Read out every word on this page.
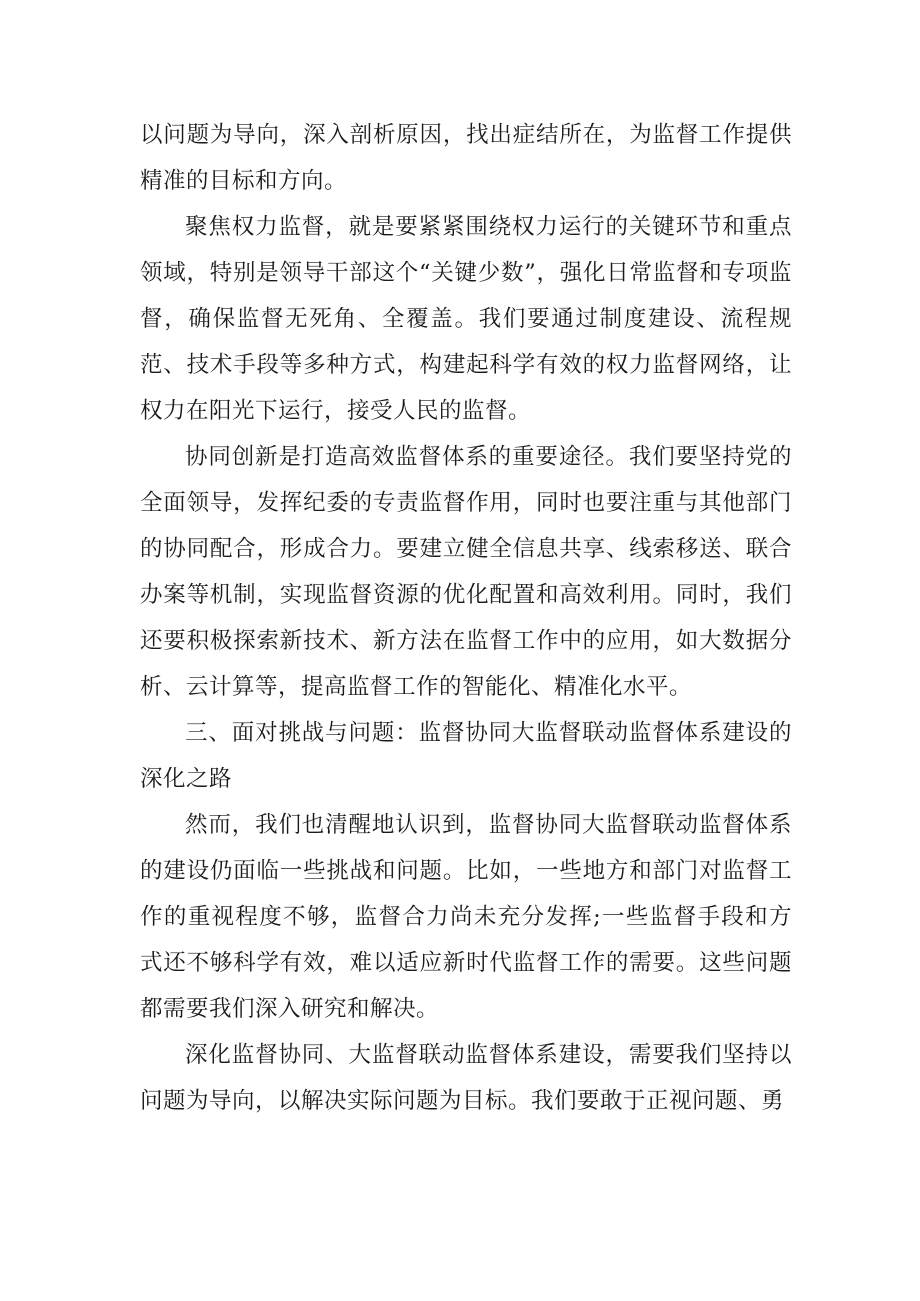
以问题为导向，深入剖析原因，找出症结所在，为监督工作提供精准的目标和方向。

聚焦权力监督，就是要紧紧围绕权力运行的关键环节和重点领域，特别是领导干部这个“关键少数”，强化日常监督和专项监督，确保监督无死角、全覆盖。我们要通过制度建设、流程规范、技术手段等多种方式，构建起科学有效的权力监督网络，让权力在阳光下运行，接受人民的监督。

协同创新是打造高效监督体系的重要途径。我们要坚持党的全面领导，发挥纪委的专责监督作用，同时也要注重与其他部门的协同配合，形成合力。要建立健全信息共享、线索移送、联合办案等机制，实现监督资源的优化配置和高效利用。同时，我们还要积极探索新技术、新方法在监督工作中的应用，如大数据分析、云计算等，提高监督工作的智能化、精准化水平。

三、面对挑战与问题：监督协同大监督联动监督体系建设的深化之路

然而，我们也清醒地认识到，监督协同大监督联动监督体系的建设仍面临一些挑战和问题。比如，一些地方和部门对监督工作的重视程度不够，监督合力尚未充分发挥;一些监督手段和方式还不够科学有效，难以适应新时代监督工作的需要。这些问题都需要我们深入研究和解决。

深化监督协同、大监督联动监督体系建设，需要我们坚持以问题为导向，以解决实际问题为目标。我们要敢于正视问题、勇
